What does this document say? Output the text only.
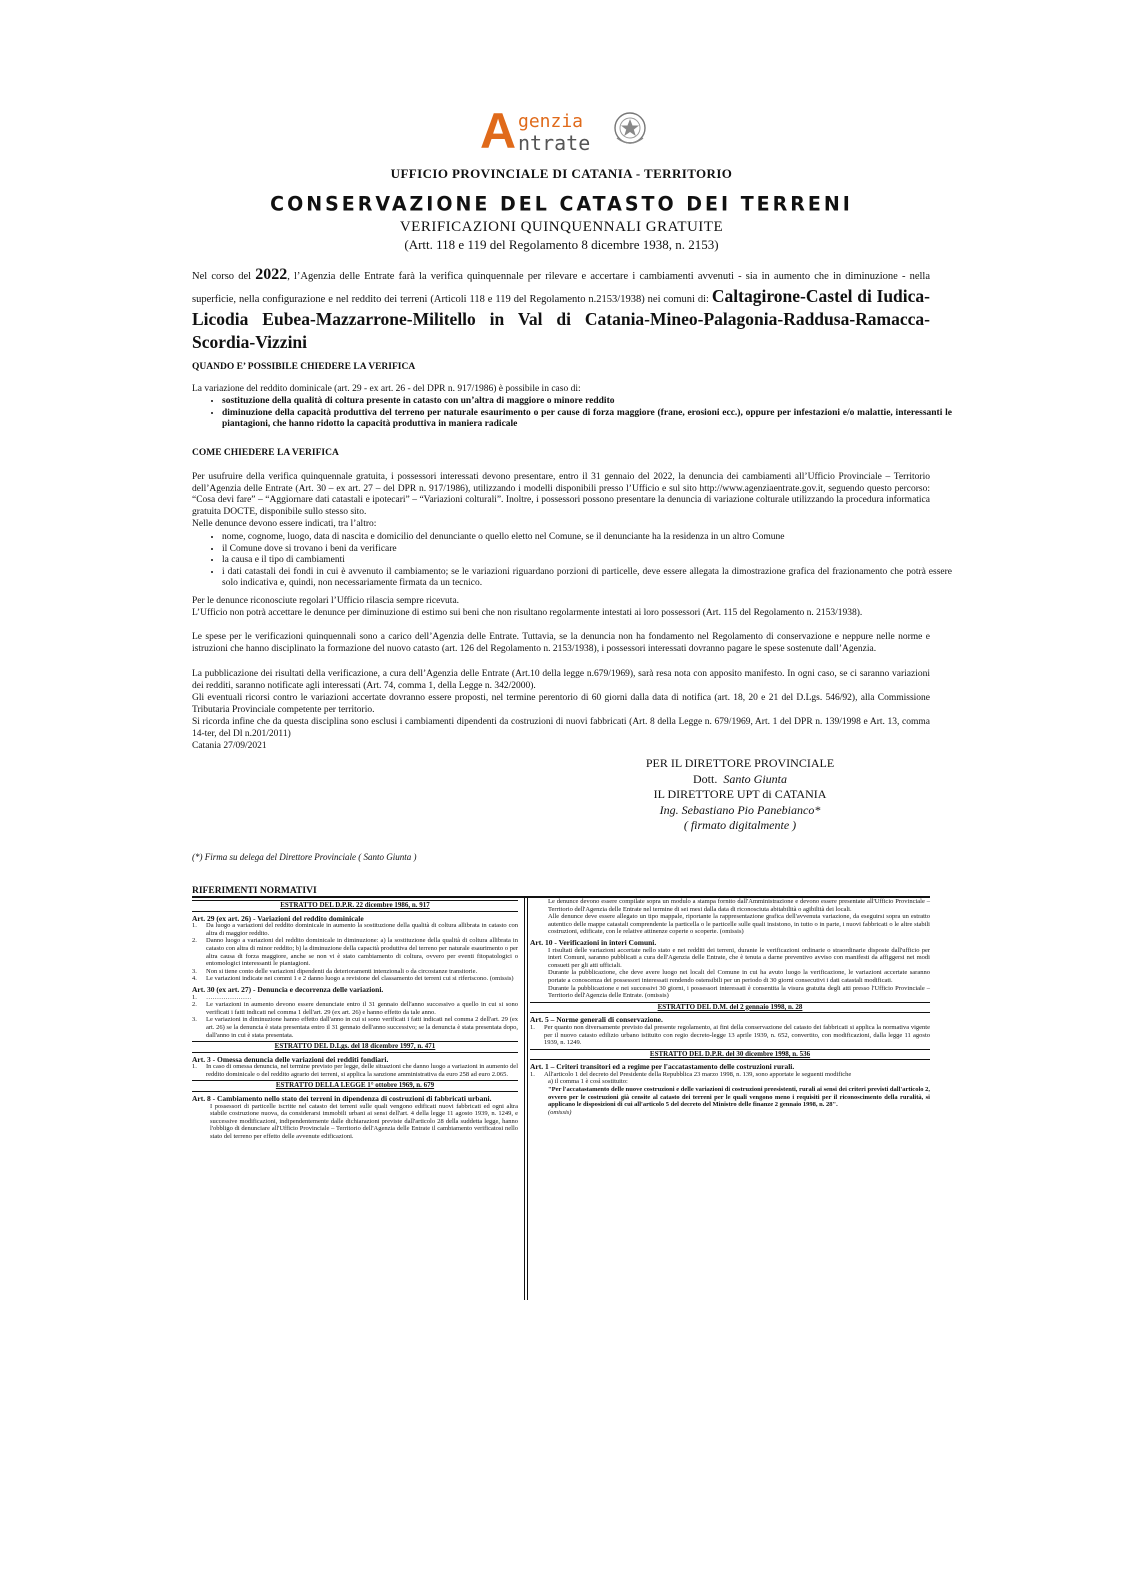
A genzia
ntrate
UFFICIO PROVINCIALE DI CATANIA - TERRITORIO
CONSERVAZIONE DEL CATASTO DEI TERRENI
VERIFICAZIONI QUINQUENNALI GRATUITE
(Artt. 118 e 119 del Regolamento 8 dicembre 1938, n. 2153)
Nel corso del 2022, l’Agenzia delle Entrate farà la verifica quinquennale per rilevare e accertare i cambiamenti avvenuti - sia in aumento che in diminuzione - nella superficie, nella configurazione e nel reddito dei terreni (Articoli 118 e 119 del Regolamento n.2153/1938) nei comuni di: Caltagirone-Castel di Iudica-Licodia Eubea-Mazzarrone-Militello in Val di Catania-Mineo-Palagonia-Raddusa-Ramacca-Scordia-Vizzini
QUANDO E’ POSSIBILE CHIEDERE LA VERIFICA

La variazione del reddito dominicale (art. 29 - ex art. 26 - del DPR n. 917/1986) è possibile in caso di:

• sostituzione della qualità di coltura presente in catasto con un’altra di maggiore o minore reddito
• diminuzione della capacità produttiva del terreno per naturale esaurimento o per cause di forza maggiore (frane, erosioni ecc.), oppure per infestazioni e/o malattie, interessanti le piantagioni, che hanno ridotto la capacità produttiva in maniera radicale
COME CHIEDERE LA VERIFICA

Per usufruire della verifica quinquennale gratuita, i possessori interessati devono presentare, entro il 31 gennaio del 2022, la denuncia dei cambiamenti all’Ufficio Provinciale – Territorio dell’Agenzia delle Entrate (Art. 30 – ex art. 27 – del DPR n. 917/1986), utilizzando i modelli disponibili presso l’Ufficio e sul sito http://www.agenziaentrate.gov.it, seguendo questo percorso: “Cosa devi fare” – “Aggiornare dati catastali e ipotecari” – “Variazioni colturali”. Inoltre, i possessori possono presentare la denuncia di variazione colturale utilizzando la procedura informatica gratuita DOCTE, disponibile sullo stesso sito.

Nelle denunce devono essere indicati, tra l’altro:

• nome, cognome, luogo, data di nascita e domicilio del denunciante o quello eletto nel Comune, se il denunciante ha la residenza in un altro Comune
• il Comune dove si trovano i beni da verificare
• la causa e il tipo di cambiamenti
• i dati catastali dei fondi in cui è avvenuto il cambiamento; se le variazioni riguardano porzioni di particelle, deve essere allegata la dimostrazione grafica del frazionamento che potrà essere solo indicativa e, quindi, non necessariamente firmata da un tecnico.

Per le denunce riconosciute regolari l’Ufficio rilascia sempre ricevuta.

L’Ufficio non potrà accettare le denunce per diminuzione di estimo sui beni che non risultano regolarmente intestati ai loro possessori (Art. 115 del Regolamento n. 2153/1938).

Le spese per le verificazioni quinquennali sono a carico dell’Agenzia delle Entrate. Tuttavia, se la denuncia non ha fondamento nel Regolamento di conservazione e neppure nelle norme e istruzioni che hanno disciplinato la formazione del nuovo catasto (art. 126 del Regolamento n. 2153/1938), i possessori interessati dovranno pagare le spese sostenute dall’Agenzia.

La pubblicazione dei risultati della verificazione, a cura dell’Agenzia delle Entrate (Art.10 della legge n.679/1969), sarà resa nota con apposito manifesto. In ogni caso, se ci saranno variazioni dei redditi, saranno notificate agli interessati (Art. 74, comma 1, della Legge n. 342/2000).

Gli eventuali ricorsi contro le variazioni accertate dovranno essere proposti, nel termine perentorio di 60 giorni dalla data di notifica (art. 18, 20 e 21 del D.Lgs. 546/92), alla Commissione Tributaria Provinciale competente per territorio.

Si ricorda infine che da questa disciplina sono esclusi i cambiamenti dipendenti da costruzioni di nuovi fabbricati (Art. 8 della Legge n. 679/1969, Art. 1 del DPR n. 139/1998 e Art. 13, comma 14-ter, del Dl n.201/2011)

Catania 27/09/2021

PER IL DIRETTORE PROVINCIALE
Dott. Santo Giunta
IL DIRETTORE UPT di CATANIA
Ing. Sebastiano Pio Panebianco*
( firmato digitalmente )
(*) Firma su delega del Direttore Provinciale ( Santo Giunta )
RIFERIMENTI NORMATIVI
ESTRATTO DEL D.P.R. 22 dicembre 1986, n. 917
Art. 29 (ex art. 26) - Variazioni del reddito dominicale
1.	Da luogo a variazioni del reddito dominicale in aumento la sostituzione della qualità di coltura allibrata in catasto con altra di maggior reddito.
2.	Danno luogo a variazioni del reddito dominicale in diminuzione: a) la sostituzione della qualità di coltura allibrata in catasto con altra di minor reddito; b) la diminuzione della capacità produttiva del terreno per naturale esaurimento o per altra causa di forza maggiore, anche se non vi è stato cambiamento di coltura, ovvero per eventi fitopatologici o entomologici interessanti le piantagioni.
3.	Non si tiene conto delle variazioni dipendenti da deterioramenti intenzionali o da circostanze transitorie.
4.	Le variazioni indicate nei commi 1 e 2 danno luogo a revisione del classamento dei terreni cui si riferiscono. (omissis)
Art. 30 (ex art. 27) - Denuncia e decorrenza delle variazioni.
1.	…………………
2.	Le variazioni in aumento devono essere denunciate entro il 31 gennaio dell'anno successivo a quello in cui si sono verificati i fatti indicati nel comma 1 dell'art. 29 (ex art. 26) e hanno effetto da tale anno.
3.	Le variazioni in diminuzione hanno effetto dall'anno in cui si sono verificati i fatti indicati nel comma 2 dell'art. 29 (ex art. 26) se la denuncia è stata presentata entro il 31 gennaio dell'anno successivo; se la denuncia è stata presentata dopo, dall'anno in cui è stata presentata.
ESTRATTO DEL D.Lgs. del 18 dicembre 1997, n. 471
Art. 3 - Omessa denuncia delle variazioni dei redditi fondiari.
1.	In caso di omessa denuncia, nel termine previsto per legge, delle situazioni che danno luogo a variazioni in aumento del reddito dominicale o del reddito agrario dei terreni, si applica la sanzione amministrativa da euro 258 ad euro 2.065.
ESTRATTO DELLA LEGGE 1° ottobre 1969, n. 679
Art. 8 - Cambiamento nello stato dei terreni in dipendenza di costruzioni di fabbricati urbani.

I possessori di particelle iscritte nel catasto dei terreni sulle quali vengono edificati nuovi fabbricati ed ogni altra stabile costruzione nuova, da considerarsi immobili urbani ai sensi dell'art. 4 della legge 11 agosto 1939, n. 1249, e successive modificazioni, indipendentemente dalle dichiarazioni previste dall'articolo 28 della suddetta legge, hanno l'obbligo di denunciare all'Ufficio Provinciale – Territorio dell'Agenzia delle Entrate il cambiamento verificatosi nello stato del terreno per effetto delle avvenute edificazioni.

Le denunce devono essere compilate sopra un modulo a stampa fornito dall'Amministrazione e devono essere presentate all'Ufficio Provinciale – Territorio dell'Agenzia delle Entrate nel termine di sei mesi dalla data di riconosciuta abitabilità o agibilità dei locali.

Alle denunce deve essere allegato un tipo mappale, riportante la rappresentazione grafica dell'avvenuta variazione, da eseguirsi sopra un estratto autentico delle mappe catastali comprendente la particella o le particelle sulle quali insistono, in tutto o in parte, i nuovi fabbricati o le altre stabili costruzioni, edificate, con le relative attinenze coperte o scoperte. (omissis)

Art. 10 - Verificazioni in interi Comuni.

I risultati delle variazioni accertate nello stato e nei redditi dei terreni, durante le verificazioni ordinarie o straordinarie disposte dall'ufficio per interi Comuni, saranno pubblicati a cura dell'Agenzia delle Entrate, che è tenuta a darne preventivo avviso con manifesti da affiggersi nei modi consueti per gli atti ufficiali.

Durante la pubblicazione, che deve avere luogo nei locali del Comune in cui ha avuto luogo la verificazione, le variazioni accertate saranno portate a conoscenza dei possessori interessati rendendo ostensibili per un periodo di 30 giorni consecutivi i dati catastali modificati.

Durante la pubblicazione e nei successivi 30 giorni, i possessori interessati è consentita la visura gratuita degli atti presso l'Ufficio Provinciale – Territorio dell'Agenzia delle Entrate. (omissis)

ESTRATTO DEL D.M. del 2 gennaio 1998, n. 28
Art. 5 – Norme generali di conservazione.
1.	Per quanto non diversamente previsto dal presente regolamento, ai fini della conservazione del catasto dei fabbricati si applica la normativa vigente per il nuovo catasto edilizio urbano istituito con regio decreto-legge 13 aprile 1939, n. 652, convertito, con modificazioni, dalla legge 11 agosto 1939, n. 1249.
ESTRATTO DEL D.P.R. del 30 dicembre 1998, n. 536
Art. 1 – Criteri transitori ed a regime per l'accatastamento delle costruzioni rurali.
1.	All'articolo 1 del decreto del Presidente della Repubblica 23 marzo 1998, n. 139, sono apportate le seguenti modifiche

a) il comma 1 è così sostituito:

"Per l'accatastamento delle nuove costruzioni e delle variazioni di costruzioni preesistenti, rurali ai sensi dei criteri previsti dall'articolo 2, ovvero per le costruzioni già censite al catasto dei terreni per le quali vengono meno i requisiti per il riconoscimento della ruralità, si applicano le disposizioni di cui all'articolo 5 del decreto del Ministro delle finanze 2 gennaio 1998, n. 28".

(omissis)
